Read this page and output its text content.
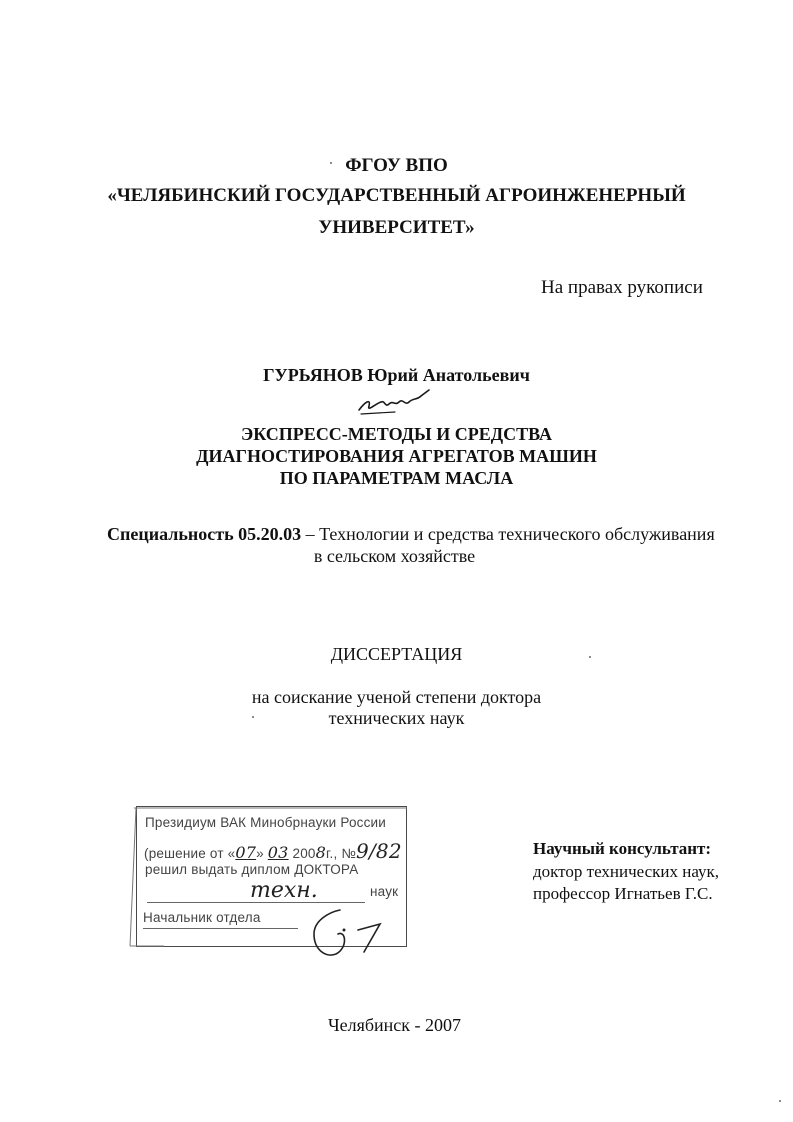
ФГОУ ВПО
«ЧЕЛЯБИНСКИЙ ГОСУДАРСТВЕННЫЙ АГРОИНЖЕНЕРНЫЙ
УНИВЕРСИТЕТ»
На правах рукописи
ГУРЬЯНОВ Юрий Анатольевич
ЭКСПРЕСС-МЕТОДЫ И СРЕДСТВА
ДИАГНОСТИРОВАНИЯ АГРЕГАТОВ МАШИН
ПО ПАРАМЕТРАМ МАСЛА
Специальность 05.20.03 – Технологии и средства технического обслуживания
в сельском хозяйстве
ДИССЕРТАЦИЯ
на соискание ученой степени доктора
технических наук
Президиум ВАК Минобрнауки России
(решение от «07» 03 2008г., №9/82
решил выдать диплом ДОКТОРА
техн.	наук
Начальник отдела
Научный консультант:
доктор технических наук,
профессор Игнатьев Г.С.
Челябинск - 2007
